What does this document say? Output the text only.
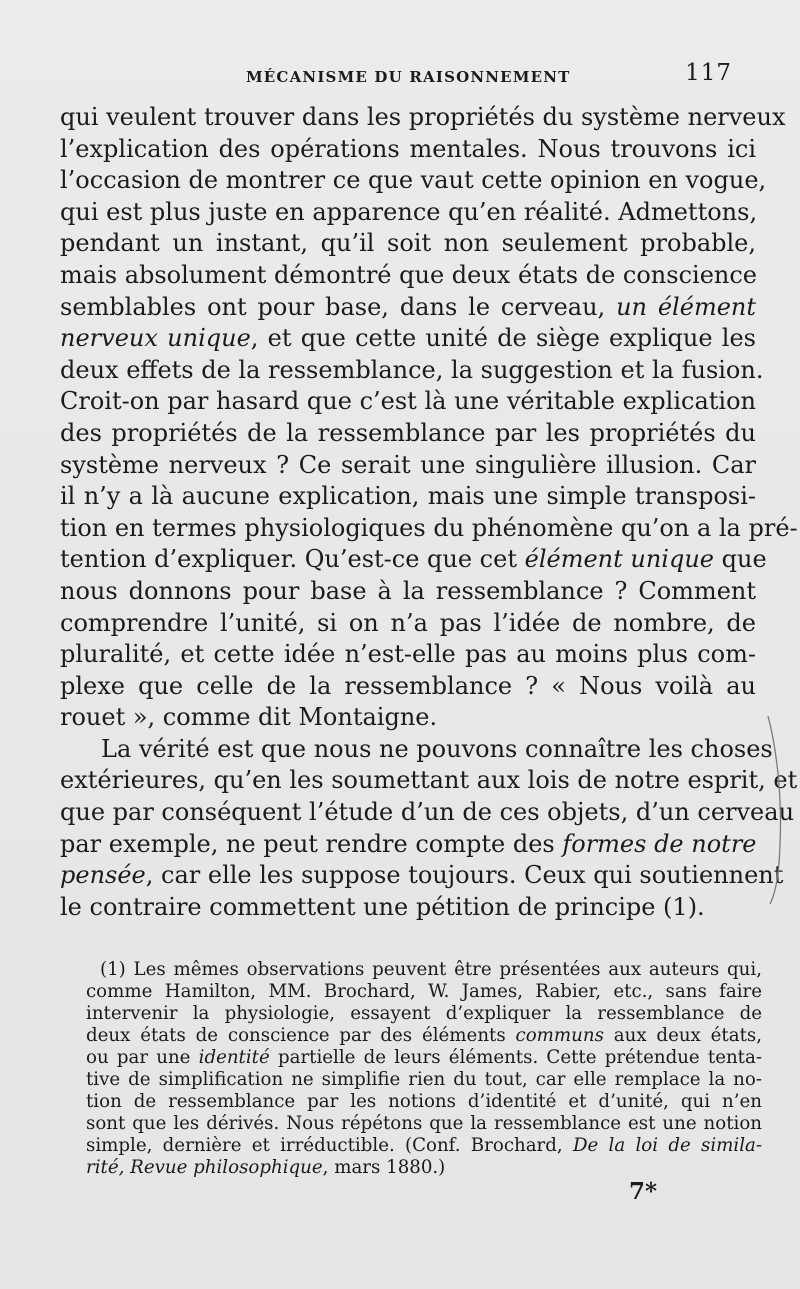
MÉCANISME DU RAISONNEMENT	117
qui veulent trouver dans les propriétés du système nerveux
l’explication des opérations mentales. Nous trouvons ici
l’occasion de montrer ce que vaut cette opinion en vogue,
qui est plus juste en apparence qu’en réalité. Admettons,
pendant un instant, qu’il soit non seulement probable,
mais absolument démontré que deux états de conscience
semblables ont pour base, dans le cerveau, un élément
nerveux unique, et que cette unité de siège explique les
deux effets de la ressemblance, la suggestion et la fusion.
Croit-on par hasard que c’est là une véritable explication
des propriétés de la ressemblance par les propriétés du
système nerveux ? Ce serait une singulière illusion. Car
il n’y a là aucune explication, mais une simple transposi-
tion en termes physiologiques du phénomène qu’on a la pré-
tention d’expliquer. Qu’est-ce que cet élément unique que
nous donnons pour base à la ressemblance ? Comment
comprendre l’unité, si on n’a pas l’idée de nombre, de
pluralité, et cette idée n’est-elle pas au moins plus com-
plexe que celle de la ressemblance ? « Nous voilà au
rouet », comme dit Montaigne.
La vérité est que nous ne pouvons connaître les choses
extérieures, qu’en les soumettant aux lois de notre esprit, et
que par conséquent l’étude d’un de ces objets, d’un cerveau
par exemple, ne peut rendre compte des formes de notre
pensée, car elle les suppose toujours. Ceux qui soutiennent
le contraire commettent une pétition de principe (1).
(1) Les mêmes observations peuvent être présentées aux auteurs qui,
comme Hamilton, MM. Brochard, W. James, Rabier, etc., sans faire
intervenir la physiologie, essayent d’expliquer la ressemblance de
deux états de conscience par des éléments communs aux deux états,
ou par une identité partielle de leurs éléments. Cette prétendue tenta-
tive de simplification ne simplifie rien du tout, car elle remplace la no-
tion de ressemblance par les notions d’identité et d’unité, qui n’en
sont que les dérivés. Nous répétons que la ressemblance est une notion
simple, dernière et irréductible. (Conf. Brochard, De la loi de simila-
rité, Revue philosophique, mars 1880.)
7*
